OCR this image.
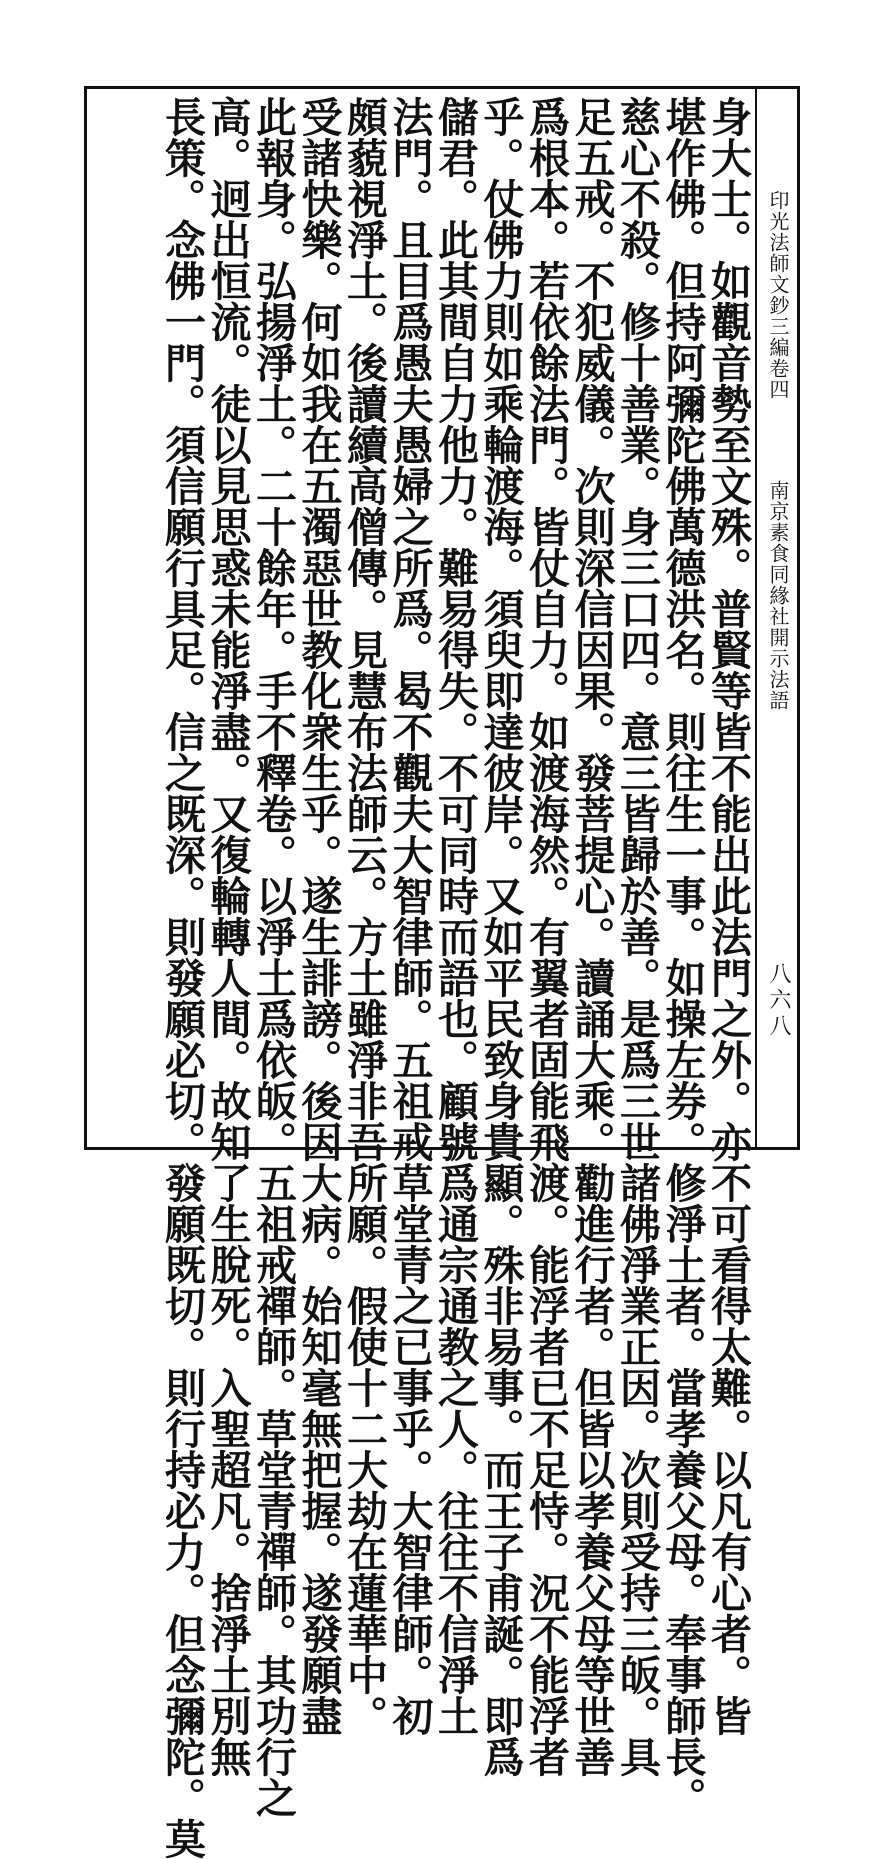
印光法師文鈔三編卷四
南京素食同緣社開示法語
八六八
身大士。如觀音勢至文殊。普賢等皆不能出此法門之外。亦不可看得太難。以凡有心者。皆
堪作佛。但持阿彌陀佛萬德洪名。則往生一事。如操左券。修淨土者。當孝養父母。奉事師長。
慈心不殺。修十善業。身三口四。意三皆歸於善。是爲三世諸佛淨業正因。次則受持三皈。具
足五戒。不犯威儀。次則深信因果。發菩提心。讀誦大乘。勸進行者。但皆以孝養父母等世善
爲根本。若依餘法門。皆仗自力。如渡海然。有翼者固能飛渡。能浮者已不足恃。況不能浮者
乎。仗佛力則如乘輪渡海。須臾即達彼岸。又如平民致身貴顯。殊非易事。而王子甫誕。即爲
儲君。此其間自力他力。難易得失。不可同時而語也。顧號爲通宗通教之人。往往不信淨土
法門。且目爲愚夫愚婦之所爲。曷不觀夫大智律師。五祖戒草堂青之已事乎。大智律師。初
頗藐視淨土。後讀續高僧傳。見慧布法師云。方土雖淨非吾所願。假使十二大劫在蓮華中。
受諸快樂。何如我在五濁惡世教化衆生乎。遂生誹謗。後因大病。始知毫無把握。遂發願盡
此報身。弘揚淨土。二十餘年。手不釋卷。以淨土爲依皈。五祖戒禪師。草堂青禪師。其功行之
高。迥出恒流。徒以見思惑未能淨盡。又復輪轉人間。故知了生脫死。入聖超凡。捨淨土別無
長策。念佛一門。須信願行具足。信之既深。則發願必切。發願既切。則行持必力。但念彌陀。莫
